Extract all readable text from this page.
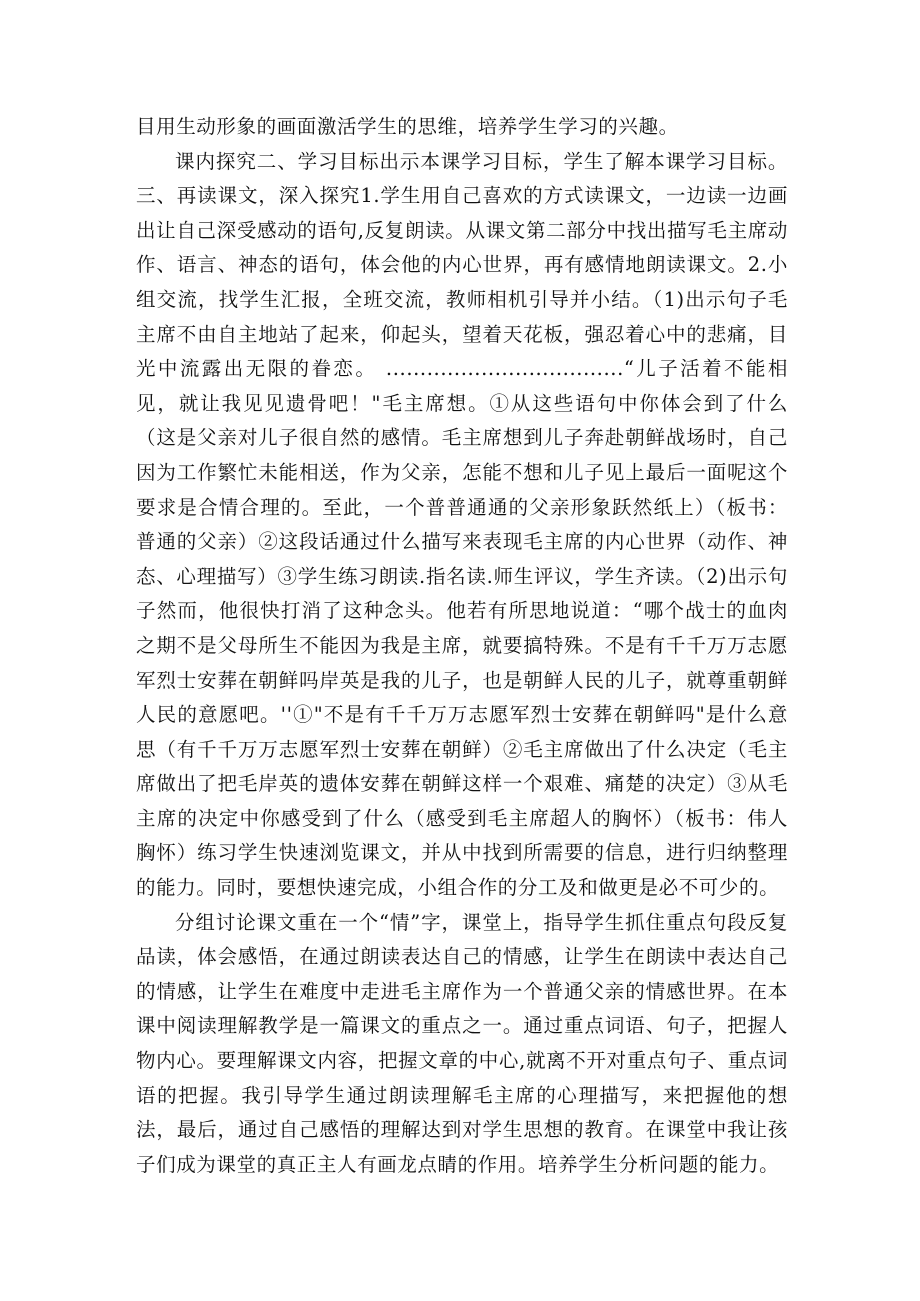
目用生动形象的画面激活学生的思维，培养学生学习的兴趣。

课内探究二、学习目标出示本课学习目标，学生了解本课学习目标。三、再读课文，深入探究1.学生用自己喜欢的方式读课文，一边读一边画出让自己深受感动的语句,反复朗读。从课文第二部分中找出描写毛主席动作、语言、神态的语句，体会他的内心世界，再有感情地朗读课文。2.小组交流，找学生汇报，全班交流，教师相机引导并小结。（1)出示句子毛主席不由自主地站了起来，仰起头，望着天花板，强忍着心中的悲痛，目光中流露出无限的眷恋。 ...................................“儿子活着不能相见，就让我见见遗骨吧！"毛主席想。①从这些语句中你体会到了什么（这是父亲对儿子很自然的感情。毛主席想到儿子奔赴朝鲜战场时，自己因为工作繁忙未能相送，作为父亲，怎能不想和儿子见上最后一面呢这个要求是合情合理的。至此，一个普普通通的父亲形象跃然纸上）（板书：普通的父亲）②这段话通过什么描写来表现毛主席的内心世界（动作、神态、心理描写）③学生练习朗读.指名读.师生评议，学生齐读。（2)出示句子然而，他很快打消了这种念头。他若有所思地说道：“哪个战士的血肉之期不是父母所生不能因为我是主席，就要搞特殊。不是有千千万万志愿军烈士安葬在朝鲜吗岸英是我的儿子，也是朝鲜人民的儿子，就尊重朝鲜人民的意愿吧。''①"不是有千千万万志愿军烈士安葬在朝鲜吗"是什么意思（有千千万万志愿军烈士安葬在朝鲜）②毛主席做出了什么决定（毛主席做出了把毛岸英的遗体安葬在朝鲜这样一个艰难、痛楚的决定）③从毛主席的决定中你感受到了什么（感受到毛主席超人的胸怀）（板书：伟人胸怀）练习学生快速浏览课文，并从中找到所需要的信息，进行归纳整理的能力。同时，要想快速完成，小组合作的分工及和做更是必不可少的。

分组讨论课文重在一个“情”字，课堂上，指导学生抓住重点句段反复品读，体会感悟，在通过朗读表达自己的情感，让学生在朗读中表达自己的情感，让学生在难度中走进毛主席作为一个普通父亲的情感世界。在本课中阅读理解教学是一篇课文的重点之一。通过重点词语、句子，把握人物内心。要理解课文内容，把握文章的中心,就离不开对重点句子、重点词语的把握。我引导学生通过朗读理解毛主席的心理描写，来把握他的想法，最后，通过自己感悟的理解达到对学生思想的教育。在课堂中我让孩子们成为课堂的真正主人有画龙点睛的作用。培养学生分析问题的能力。
